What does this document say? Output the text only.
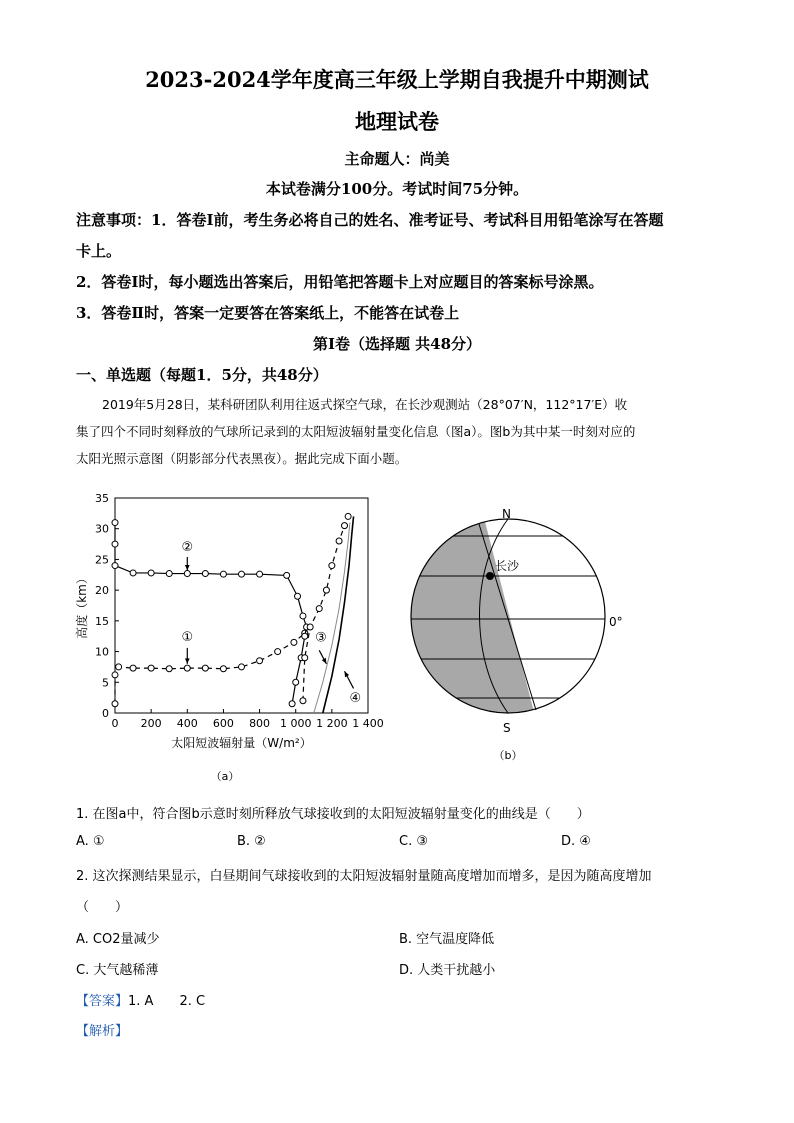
2023-2024学年度高三年级上学期自我提升中期测试
地理试卷
主命题人：尚美
本试卷满分100分。考试时间75分钟。
注意事项：1．答卷Ⅰ前，考生务必将自己的姓名、准考证号、考试科目用铅笔涂写在答题
卡上。
2．答卷Ⅰ时，每小题选出答案后，用铅笔把答题卡上对应题目的答案标号涂黑。
3．答卷Ⅱ时，答案一定要答在答案纸上，不能答在试卷上
第Ⅰ卷（选择题 共48分）
一、单选题（每题1．5分，共48分）
2019年5月28日，某科研团队利用往返式探空气球，在长沙观测站（28°07′N，112°17′E）收
集了四个不同时刻释放的气球所记录到的太阳短波辐射量变化信息（图a）。图b为其中某一时刻对应的
太阳光照示意图（阴影部分代表黑夜）。据此完成下面小题。
0 200 400 600 800 1 000 1 200 1 400
0
5
10
15
20
25
30
35
太阳短波辐射量（W/m²）
高度（km）
②
①	③
④
（a）
N
S
长沙
0°
（b）
1. 在图a中，符合图b示意时刻所释放气球接收到的太阳短波辐射量变化的曲线是（　　）
A. ①	B. ②	C. ③	D. ④
2. 这次探测结果显示，白昼期间气球接收到的太阳短波辐射量随高度增加而增多，是因为随高度增加
（　　）
A. CO2量减少	B. 空气温度降低
C. 大气越稀薄	D. 人类干扰越小
【答案】1. A　　2. C
【解析】
